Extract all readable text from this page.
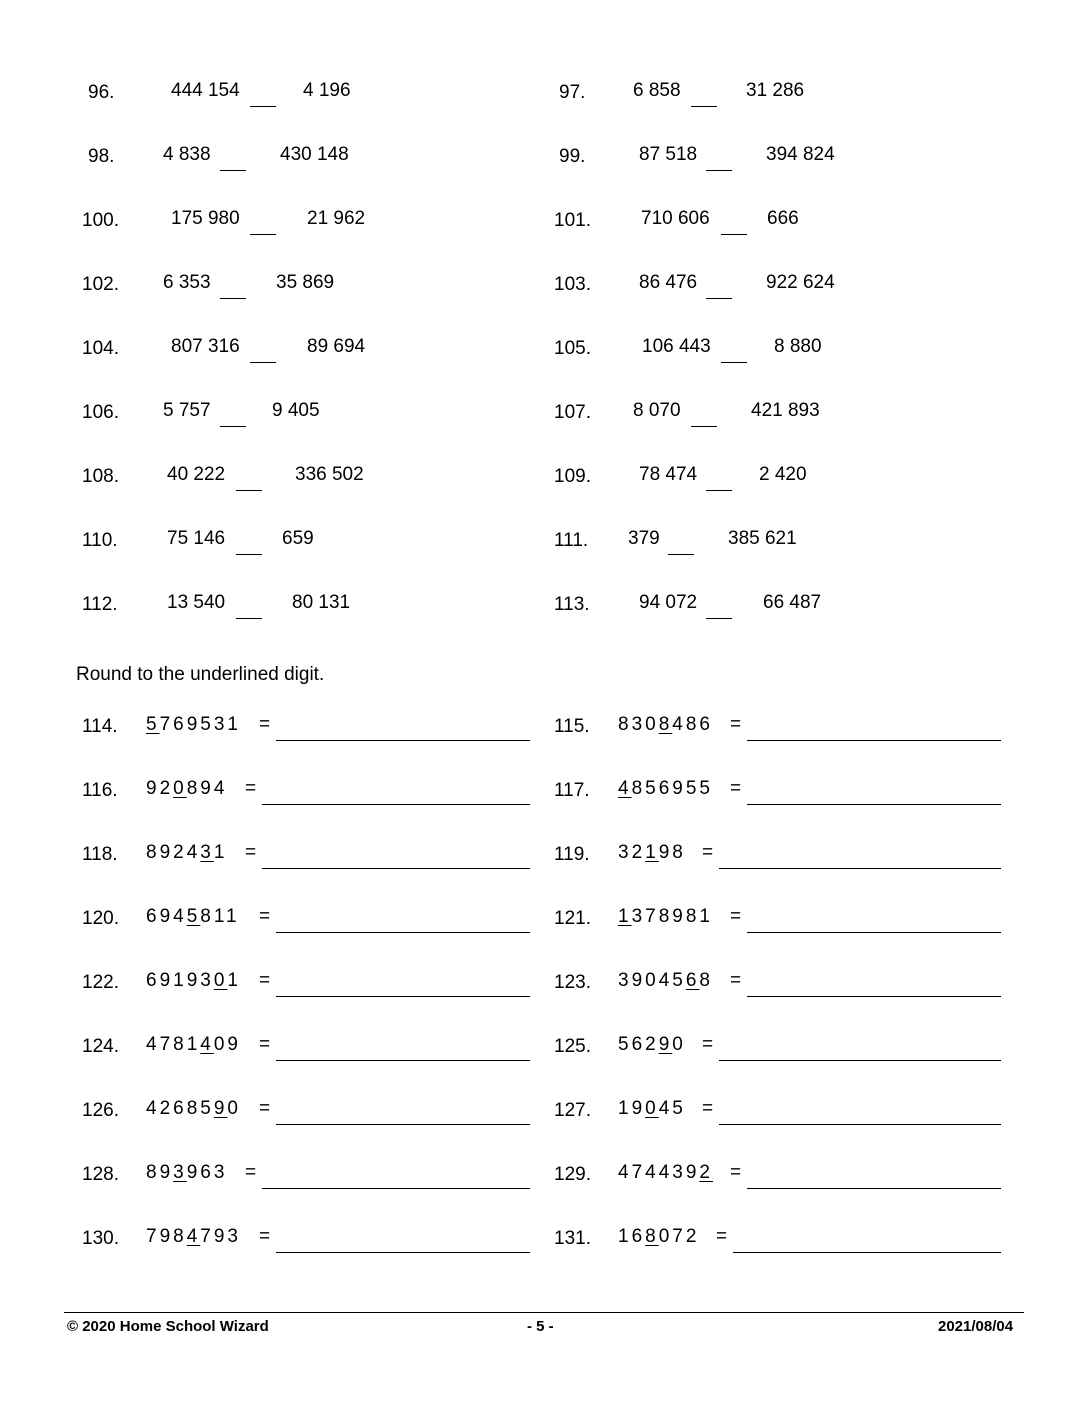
96.	444 154	4 196	97.	6 858	31 286
98.	4 838	430 148	99.	87 518	394 824
100.	175 980	21 962	101.	710 606	666
102. 6 353	35 869	103.	86 476	922 624
104.	807 316	89 694	105.	106 443	8 880
106. 5 757	9 405	107. 8 070	421 893
108.	40 222	336 502	109.	78 474	2 420
110.	75 146	659	111. 379	385 621
112.	13 540	80 131	113.	94 072	66 487
Round to the underlined digit.
114. 5769531 =	115. 8308486 =
116. 920894 =	117. 4856955 =
118. 892431 =	119. 32198 =
120. 6945811 =	121. 1378981 =
122. 6919301 =	123. 3904568 =
124. 4781409 =	125. 56290 =
126. 4268590 =	127. 19045 =
128. 893963 =	129. 4744392 =
130. 7984793 =	131. 168072 =
© 2020 Home School Wizard	- 5 -	2021/08/04
